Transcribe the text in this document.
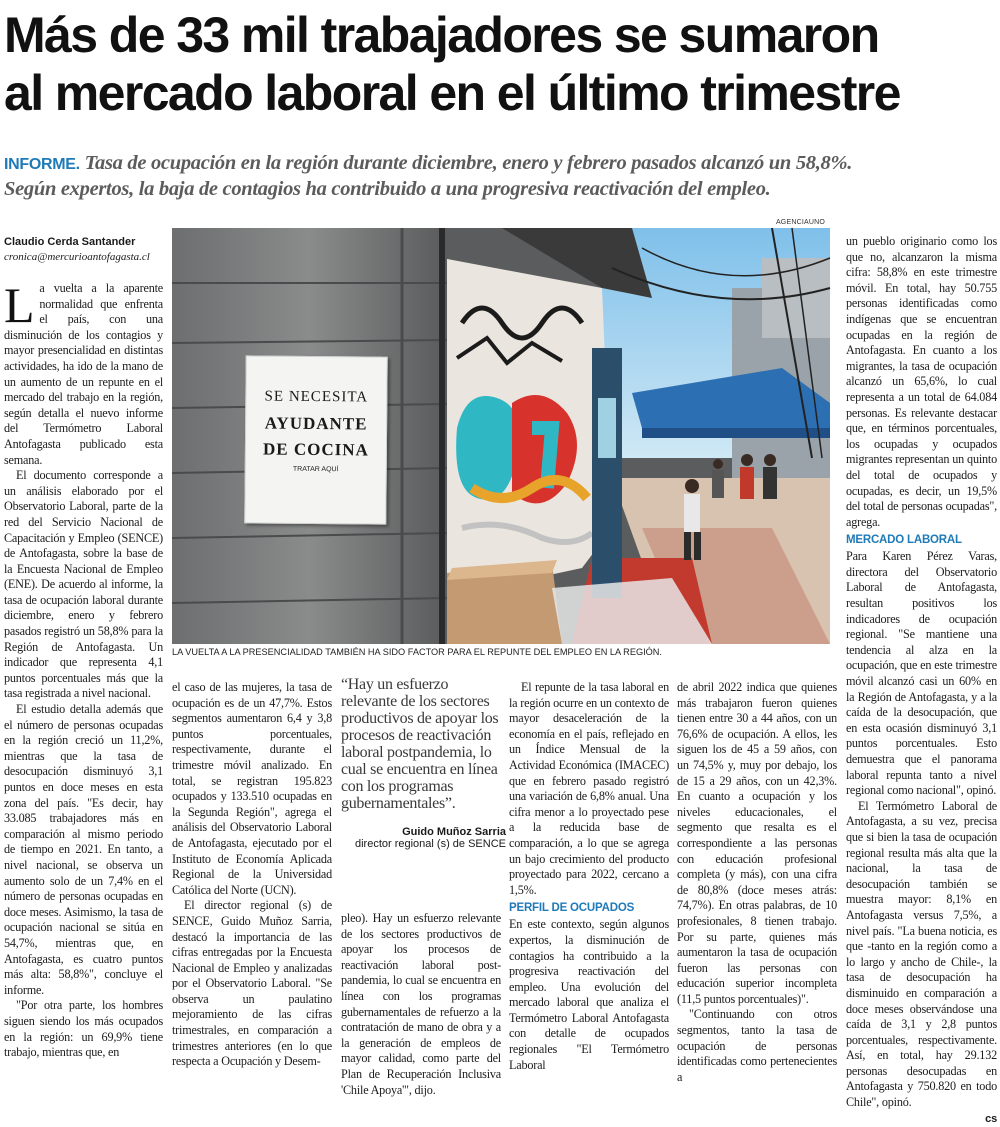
Más de 33 mil trabajadores se sumaron
al mercado laboral en el último trimestre
INFORME. Tasa de ocupación en la región durante diciembre, enero y febrero pasados alcanzó un 58,8%.
Según expertos, la baja de contagios ha contribuido a una progresiva reactivación del empleo.
AGENCIAUNO
Claudio Cerda Santander
cronica@mercurioantofagasta.cl

La vuelta a la aparente normalidad que enfrenta el país, con una disminución de los contagios y mayor presencialidad en distintas actividades, ha ido de la mano de un aumento de un repunte en el mercado del trabajo en la región, según detalla el nuevo informe del Termómetro Laboral Antofagasta publicado esta semana.

El documento corresponde a un análisis elaborado por el Observatorio Laboral, parte de la red del Servicio Nacional de Capacitación y Empleo (SENCE) de Antofagasta, sobre la base de la Encuesta Nacional de Empleo (ENE). De acuerdo al informe, la tasa de ocupación laboral durante diciembre, enero y febrero pasados registró un 58,8% para la Región de Antofagasta. Un indicador que representa 4,1 puntos porcentuales más que la tasa registrada a nivel nacional.

El estudio detalla además que el número de personas ocupadas en la región creció un 11,2%, mientras que la tasa de desocupación disminuyó 3,1 puntos en doce meses en esta zona del país. "Es decir, hay 33.085 trabajadores más en comparación al mismo periodo de tiempo en 2021. En tanto, a nivel nacional, se observa un aumento solo de un 7,4% en el número de personas ocupadas en doce meses. Asimismo, la tasa de ocupación nacional se sitúa en 54,7%, mientras que, en Antofagasta, es cuatro puntos más alta: 58,8%", concluye el informe.

"Por otra parte, los hombres siguen siendo los más ocupados en la región: un 69,9% tiene trabajo, mientras que, en

SE NECESITA
AYUDANTE
DE COCINA
TRATAR AQUÍ
LA VUELTA A LA PRESENCIALIDAD TAMBIÉN HA SIDO FACTOR PARA EL REPUNTE DEL EMPLEO EN LA REGIÓN.

el caso de las mujeres, la tasa de ocupación es de un 47,7%. Estos segmentos aumentaron 6,4 y 3,8 puntos porcentuales, respectivamente, durante el trimestre móvil analizado. En total, se registran 195.823 ocupados y 133.510 ocupadas en la Segunda Región", agrega el análisis del Observatorio Laboral de Antofagasta, ejecutado por el Instituto de Economía Aplicada Regional de la Universidad Católica del Norte (UCN).

El director regional (s) de SENCE, Guido Muñoz Sarria, destacó la importancia de las cifras entregadas por la Encuesta Nacional de Empleo y analizadas por el Observatorio Laboral. "Se observa un paulatino mejoramiento de las cifras trimestrales, en comparación a trimestres anteriores (en lo que respecta a Ocupación y Desem-

“Hay un esfuerzo relevante de los sectores productivos de apoyar los procesos de reactivación laboral postpandemia, lo cual se encuentra en línea con los programas gubernamentales”.
Guido Muñoz Sarria
director regional (s) de SENCE

pleo). Hay un esfuerzo relevante de los sectores productivos de apoyar los procesos de reactivación laboral post-pandemia, lo cual se encuentra en línea con los programas gubernamentales de refuerzo a la contratación de mano de obra y a la generación de empleos de mayor calidad, como parte del Plan de Recuperación Inclusiva 'Chile Apoya'", dijo.

El repunte de la tasa laboral en la región ocurre en un contexto de mayor desaceleración de la economía en el país, reflejado en un Índice Mensual de la Actividad Económica (IMACEC) que en febrero pasado registró una variación de 6,8% anual. Una cifra menor a lo proyectado pese a la reducida base de comparación, a lo que se agrega un bajo crecimiento del producto proyectado para 2022, cercano a 1,5%.

PERFIL DE OCUPADOS

En este contexto, según algunos expertos, la disminución de contagios ha contribuido a la progresiva reactivación del empleo. Una evolución del mercado laboral que analiza el Termómetro Laboral Antofagasta con detalle de ocupados regionales "El Termómetro Laboral

de abril 2022 indica que quienes más trabajaron fueron quienes tienen entre 30 a 44 años, con un 76,6% de ocupación. A ellos, les siguen los de 45 a 59 años, con un 74,5% y, muy por debajo, los de 15 a 29 años, con un 42,3%. En cuanto a ocupación y los niveles educacionales, el segmento que resalta es el correspondiente a las personas con educación profesional completa (y más), con una cifra de 80,8% (doce meses atrás: 74,7%). En otras palabras, de 10 profesionales, 8 tienen trabajo. Por su parte, quienes más aumentaron la tasa de ocupación fueron las personas con educación superior incompleta (11,5 puntos porcentuales)".

"Continuando con otros segmentos, tanto la tasa de ocupación de personas identificadas como pertenecientes a

un pueblo originario como los que no, alcanzaron la misma cifra: 58,8% en este trimestre móvil. En total, hay 50.755 personas identificadas como indígenas que se encuentran ocupadas en la región de Antofagasta. En cuanto a los migrantes, la tasa de ocupación alcanzó un 65,6%, lo cual representa a un total de 64.084 personas. Es relevante destacar que, en términos porcentuales, los ocupadas y ocupados migrantes representan un quinto del total de ocupados y ocupadas, es decir, un 19,5% del total de personas ocupadas", agrega.

MERCADO LABORAL

Para Karen Pérez Varas, directora del Observatorio Laboral de Antofagasta, resultan positivos los indicadores de ocupación regional. "Se mantiene una tendencia al alza en la ocupación, que en este trimestre móvil alcanzó casi un 60% en la Región de Antofagasta, y a la caída de la desocupación, que en esta ocasión disminuyó 3,1 puntos porcentuales. Esto demuestra que el panorama laboral repunta tanto a nivel regional como nacional", opinó.

El Termómetro Laboral de Antofagasta, a su vez, precisa que si bien la tasa de ocupación regional resulta más alta que la nacional, la tasa de desocupación también se muestra mayor: 8,1% en Antofagasta versus 7,5%, a nivel país. "La buena noticia, es que -tanto en la región como a lo largo y ancho de Chile-, la tasa de desocupación ha disminuido en comparación a doce meses observándose una caída de 3,1 y 2,8 puntos porcentuales, respectivamente. Así, en total, hay 29.132 personas desocupadas en Antofagasta y 750.820 en todo Chile", opinó.

cs
